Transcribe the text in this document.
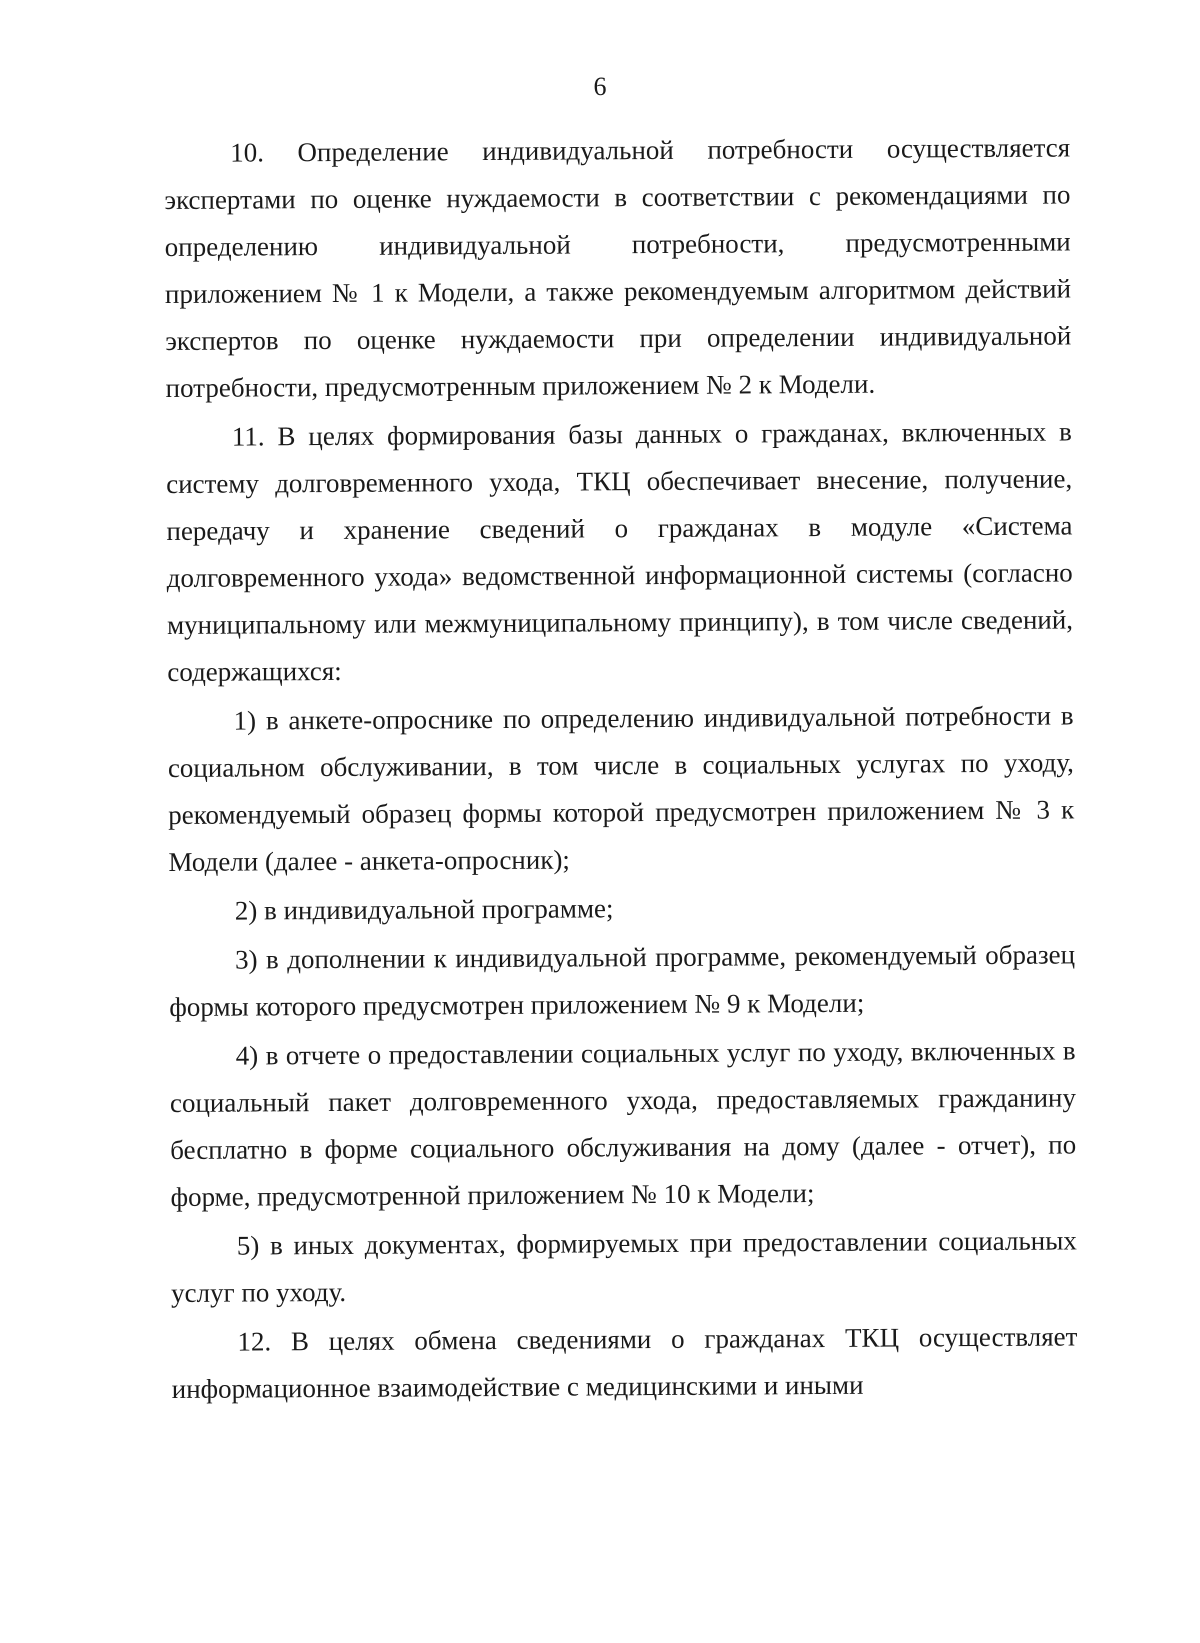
6

10. Определение индивидуальной потребности осуществляется экспертами по оценке нуждаемости в соответствии с рекомендациями по определению индивидуальной потребности, предусмотренными приложением № 1 к Модели, а также рекомендуемым алгоритмом действий экспертов по оценке нуждаемости при определении индивидуальной потребности, предусмотренным приложением № 2 к Модели.

11. В целях формирования базы данных о гражданах, включенных в систему долговременного ухода, ТКЦ обеспечивает внесение, получение, передачу и хранение сведений о гражданах в модуле «Система долговременного ухода» ведомственной информационной системы (согласно муниципальному или межмуниципальному принципу), в том числе сведений, содержащихся:

1) в анкете-опроснике по определению индивидуальной потребности в социальном обслуживании, в том числе в социальных услугах по уходу, рекомендуемый образец формы которой предусмотрен приложением № 3 к Модели (далее - анкета-опросник);

2) в индивидуальной программе;

3) в дополнении к индивидуальной программе, рекомендуемый образец формы которого предусмотрен приложением № 9 к Модели;

4) в отчете о предоставлении социальных услуг по уходу, включенных в социальный пакет долговременного ухода, предоставляемых гражданину бесплатно в форме социального обслуживания на дому (далее - отчет), по форме, предусмотренной приложением № 10 к Модели;

5) в иных документах, формируемых при предоставлении социальных услуг по уходу.

12. В целях обмена сведениями о гражданах ТКЦ осуществляет информационное взаимодействие с медицинскими и иными
